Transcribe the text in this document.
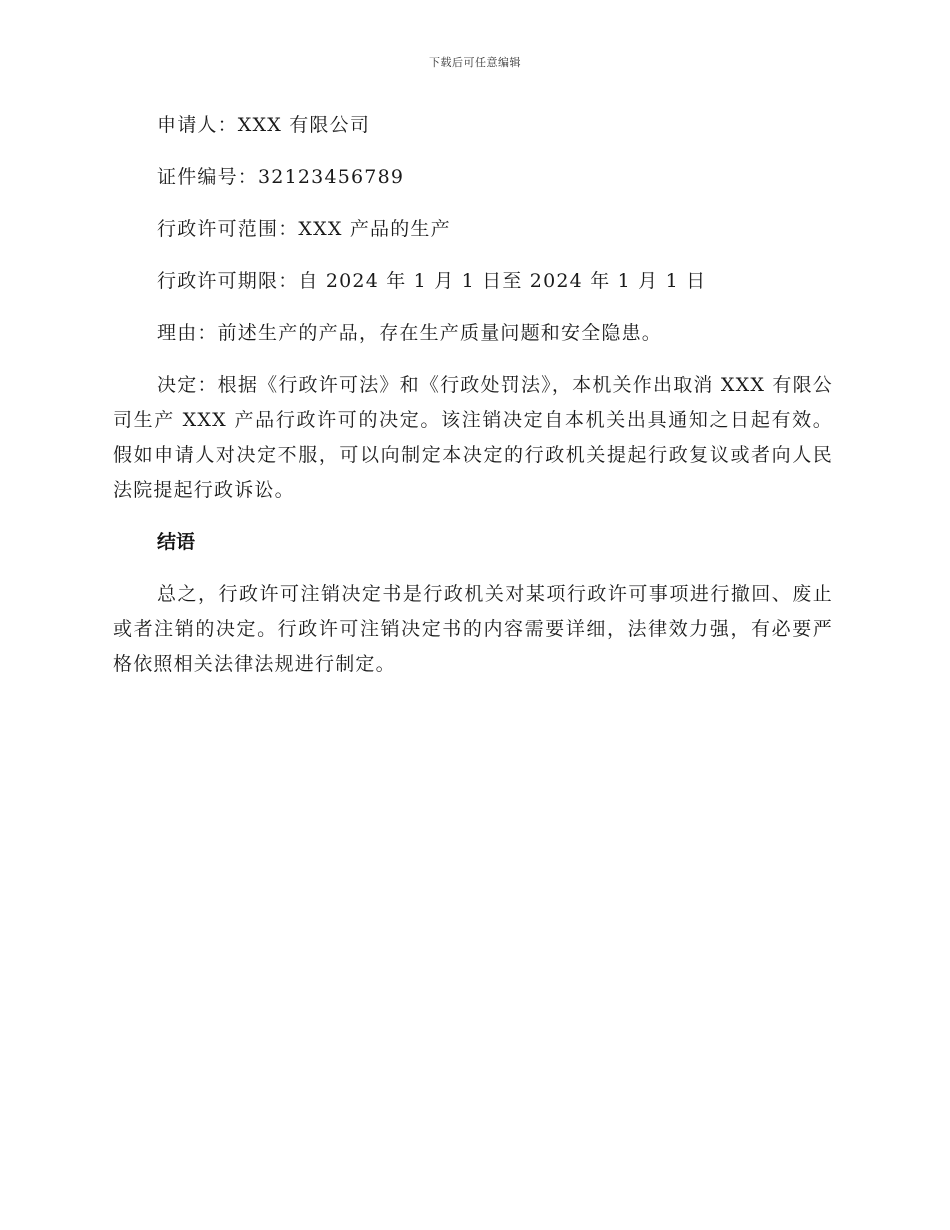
下载后可任意编辑

申请人：XXX 有限公司

证件编号：32123456789

行政许可范围：XXX 产品的生产

行政许可期限：自 2024 年 1 月 1 日至 2024 年 1 月 1 日

理由：前述生产的产品，存在生产质量问题和安全隐患。

决定：根据《行政许可法》和《行政处罚法》，本机关作出取消 XXX 有限公司生产 XXX 产品行政许可的决定。该注销决定自本机关出具通知之日起有效。假如申请人对决定不服，可以向制定本决定的行政机关提起行政复议或者向人民法院提起行政诉讼。

结语

总之，行政许可注销决定书是行政机关对某项行政许可事项进行撤回、废止或者注销的决定。行政许可注销决定书的内容需要详细，法律效力强，有必要严格依照相关法律法规进行制定。
